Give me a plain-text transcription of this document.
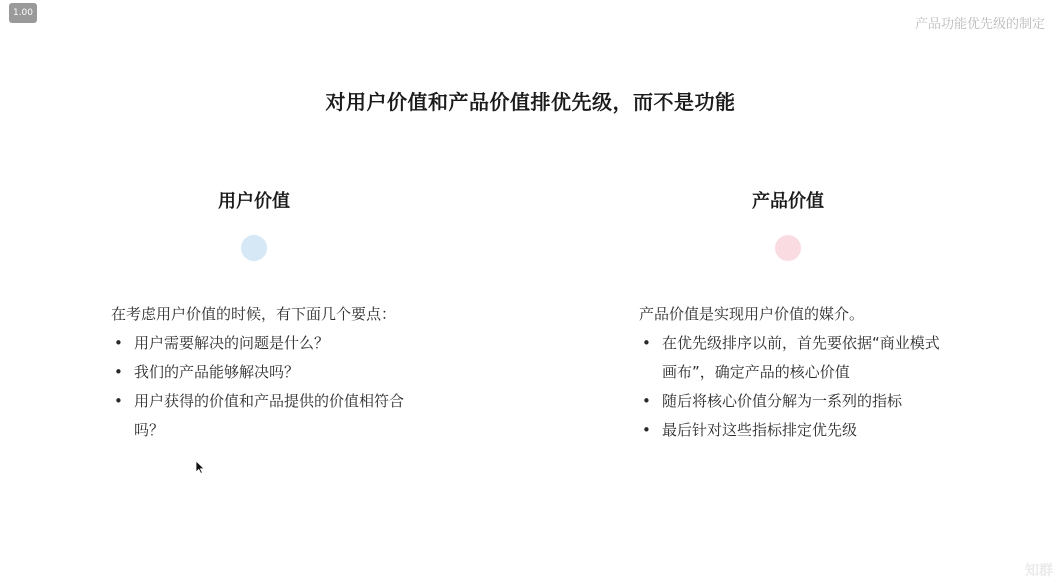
1.00
产品功能优先级的制定
对用户价值和产品价值排优先级，而不是功能
用户价值

在考虑用户价值的时候，有下面几个要点：

• 用户需要解决的问题是什么？
• 我们的产品能够解决吗？
• 用户获得的价值和产品提供的价值相符合吗？
产品价值

产品价值是实现用户价值的媒介。

• 在优先级排序以前，首先要依据“商业模式画布”，确定产品的核心价值
• 随后将核心价值分解为一系列的指标
• 最后针对这些指标排定优先级
知群
